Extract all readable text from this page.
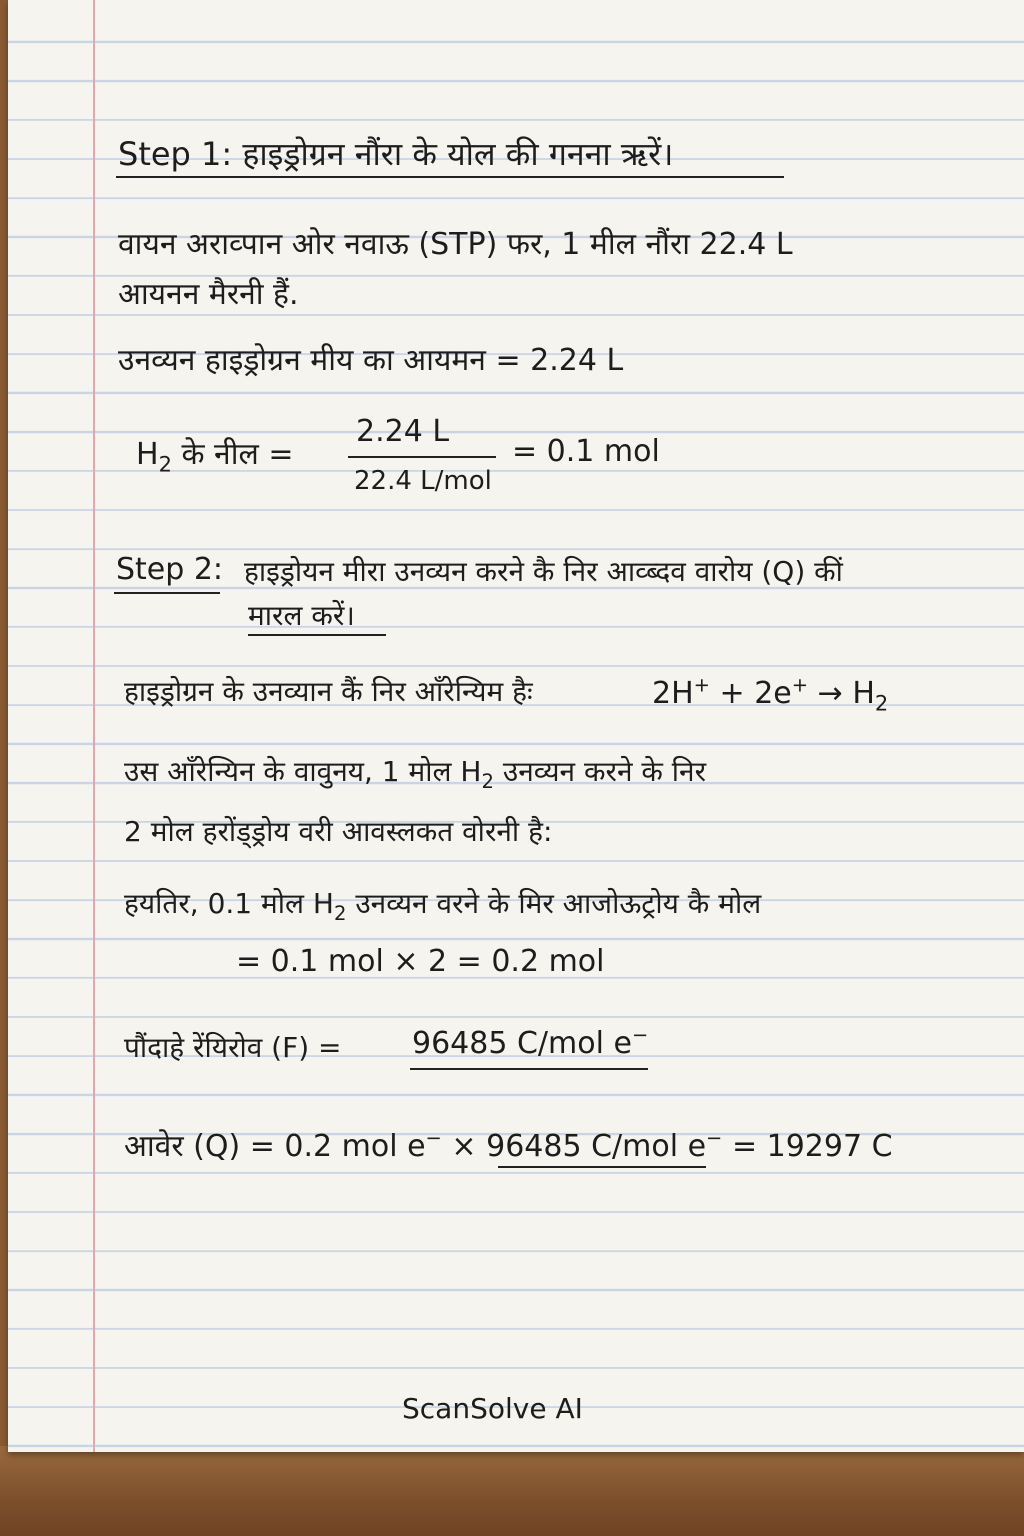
Step 1: हाइड्रोग्रन नौंरा के योल की गनना ऋरें।
वायन अराव्पान ओर नवाऊ (STP) फर, 1 मील नौंरा 22.4 L
आयनन मैरनी हैं.
उनव्यन हाइड्रोग्रन मीय का आयमन = 2.24 L
$H_2$ के नील =
2.24 L
22.4 L/mol
= 0.1 mol
Step 2: हाइड्रोयन मीरा उनव्यन करने कै निर आव्ब्दव वारोय (Q) कीं
मारल करें।
हाइड्रोग्रन के उनव्यान कैं निर आँरेन्यिम हैः	$2H^+ + 2e^+ \to H_2$
उस आँरेन्यिन के वावुनय, 1 मोल $H_2$ उनव्यन करने के निर
2 मोल हरोंड्ड्रोय वरी आवस्लकत वोरनी है:
हयतिर, 0.1 मोल $H_2$ उनव्यन वरने के मिर आजोऊट्रोय कै मोल
= 0.1 mol × 2 = 0.2 mol
पौंदाहे रेंयिरोव (F) = 96485 C/mol e−
आवेर (Q) = 0.2 mol e− × 96485 C/mol e− = 19297 C
ScanSolve AI
